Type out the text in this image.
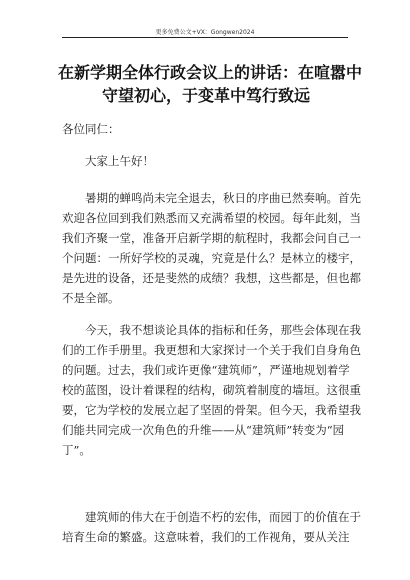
更多免费公文+VX：Gongwen2024
在新学期全体行政会议上的讲话：在喧嚣中
守望初心，于变革中笃行致远
各位同仁：
大家上午好！
暑期的蝉鸣尚未完全退去，秋日的序曲已然奏响。首先
欢迎各位回到我们熟悉而又充满希望的校园。每年此刻，当
我们齐聚一堂，准备开启新学期的航程时，我都会问自己一
个问题：一所好学校的灵魂，究竟是什么？是林立的楼宇，
是先进的设备，还是斐然的成绩？我想，这些都是，但也都
不是全部。
今天，我不想谈论具体的指标和任务，那些会体现在我
们的工作手册里。我更想和大家探讨一个关于我们自身角色
的问题。过去，我们或许更像“建筑师”，严谨地规划着学
校的蓝图，设计着课程的结构，砌筑着制度的墙垣。这很重
要，它为学校的发展立起了坚固的骨架。但今天，我希望我
们能共同完成一次角色的升维——从“建筑师”转变为“园
丁”。
建筑师的伟大在于创造不朽的宏伟，而园丁的价值在于
培育生命的繁盛。这意味着，我们的工作视角，要从关注
